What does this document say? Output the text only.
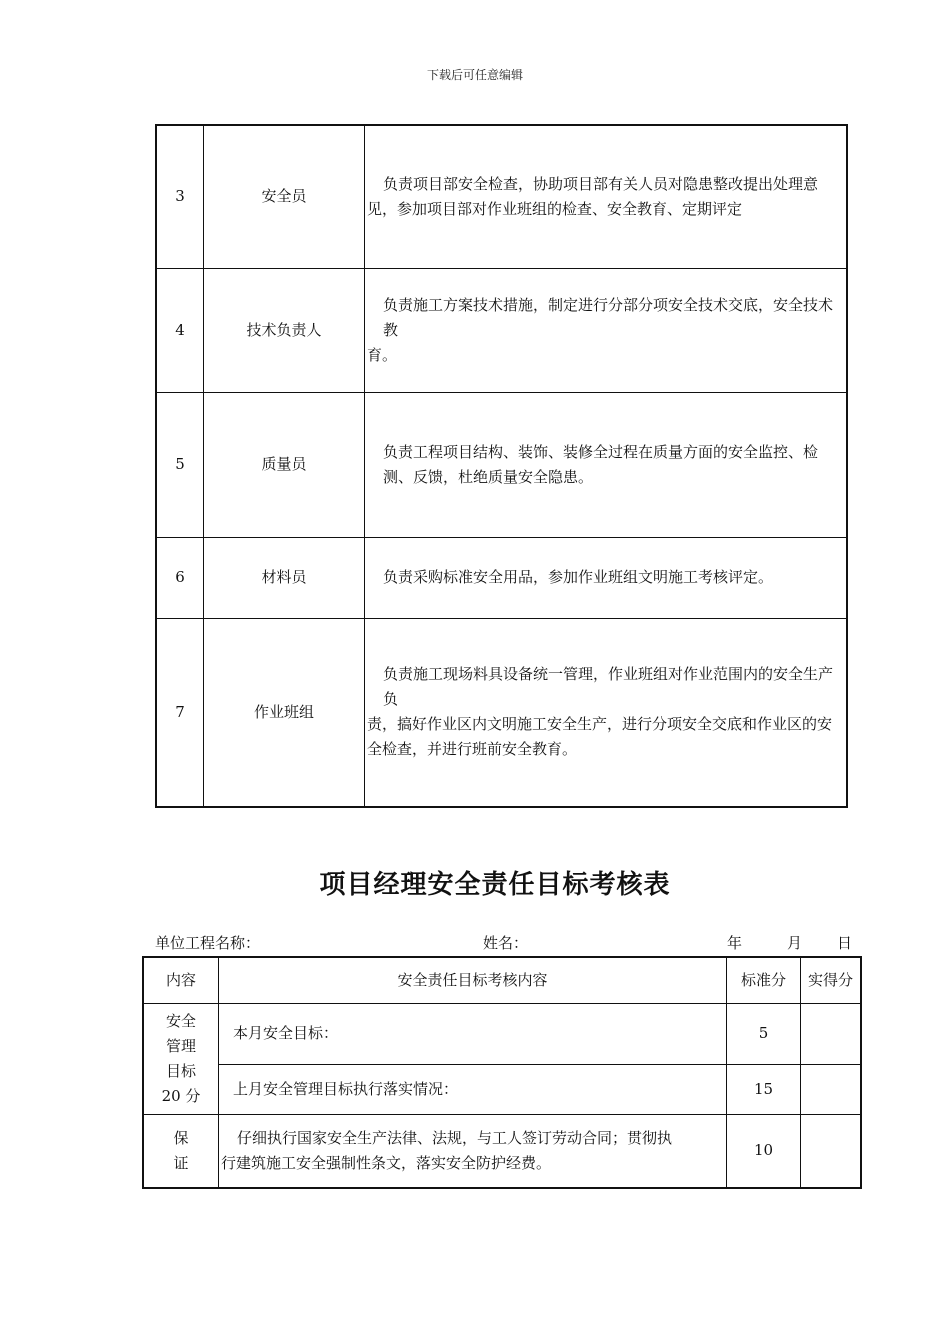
下载后可任意编辑
3	安全员	负责项目部安全检查，协助项目部有关人员对隐患整改提出处理意
见，参加项目部对作业班组的检查、安全教育、定期评定

4	技术负责人	负责施工方案技术措施，制定进行分部分项安全技术交底，安全技术教
育。

5	质量员	负责工程项目结构、装饰、装修全过程在质量方面的安全监控、检 测、反馈，杜绝质量安全隐患。

6	材料员	负责采购标准安全用品，参加作业班组文明施工考核评定。

7	作业班组	负责施工现场料具设备统一管理，作业班组对作业范围内的安全生产负
责，搞好作业区内文明施工安全生产，进行分项安全交底和作业区的安
全检查，并进行班前安全教育。
项目经理安全责任目标考核表
单位工程名称：	姓名：	年	月 日
内容	安全责任目标考核内容	标准分	实得分

安全
管理
目标
20 分	本月安全目标：	5	
	上月安全管理目标执行落实情况：	15	

保
证	仔细执行国家安全生产法律、法规，与工人签订劳动合同；贯彻执
行建筑施工安全强制性条文，落实安全防护经费。	10	
